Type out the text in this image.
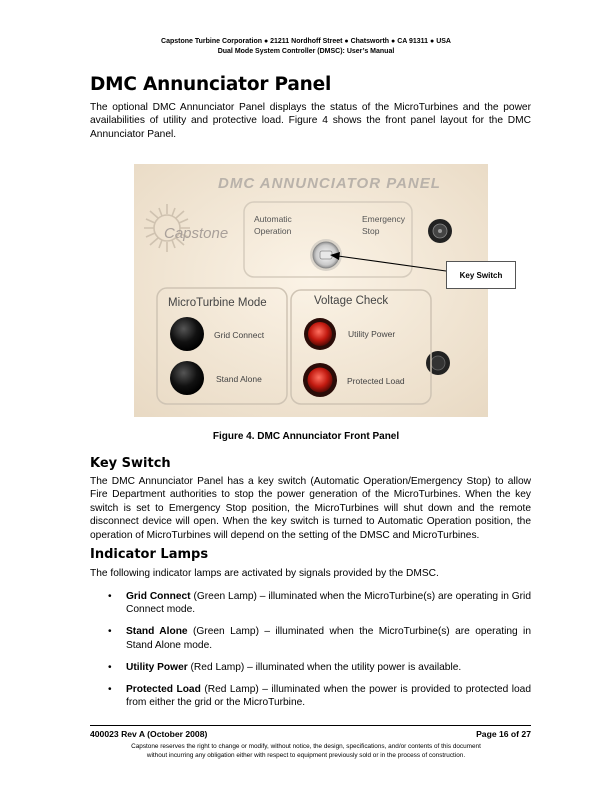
Capstone Turbine Corporation ● 21211 Nordhoff Street ● Chatsworth ● CA 91311 ● USA
Dual Mode System Controller (DMSC): User’s Manual
DMC Annunciator Panel

The optional DMC Annunciator Panel displays the status of the MicroTurbines and the power availabilities of utility and protective load. Figure 4 shows the front panel layout for the DMC Annunciator Panel.

DMC ANNUNCIATOR PANEL
Capstone
Automatic
Operation
Emergency
Stop
MicroTurbine Mode
Grid Connect
Stand Alone
Voltage Check
Utility Power
Protected Load
Key Switch
Figure 4. DMC Annunciator Front Panel
Key Switch

The DMC Annunciator Panel has a key switch (Automatic Operation/Emergency Stop) to allow Fire Department authorities to stop the power generation of the MicroTurbines. When the key switch is set to Emergency Stop position, the MicroTurbines will shut down and the remote disconnect device will open. When the key switch is turned to Automatic Operation position, the operation of MicroTurbines will depend on the setting of the DMSC and MicroTurbines.

Indicator Lamps

The following indicator lamps are activated by signals provided by the DMSC.

• Grid Connect (Green Lamp) – illuminated when the MicroTurbine(s) are operating in Grid Connect mode.
• Stand Alone (Green Lamp) – illuminated when the MicroTurbine(s) are operating in Stand Alone mode.
• Utility Power (Red Lamp) – illuminated when the utility power is available.
• Protected Load (Red Lamp) – illuminated when the power is provided to protected load from either the grid or the MicroTurbine.
400023 Rev A (October 2008)	Page 16 of 27
Capstone reserves the right to change or modify, without notice, the design, specifications, and/or contents of this document
without incurring any obligation either with respect to equipment previously sold or in the process of construction.
